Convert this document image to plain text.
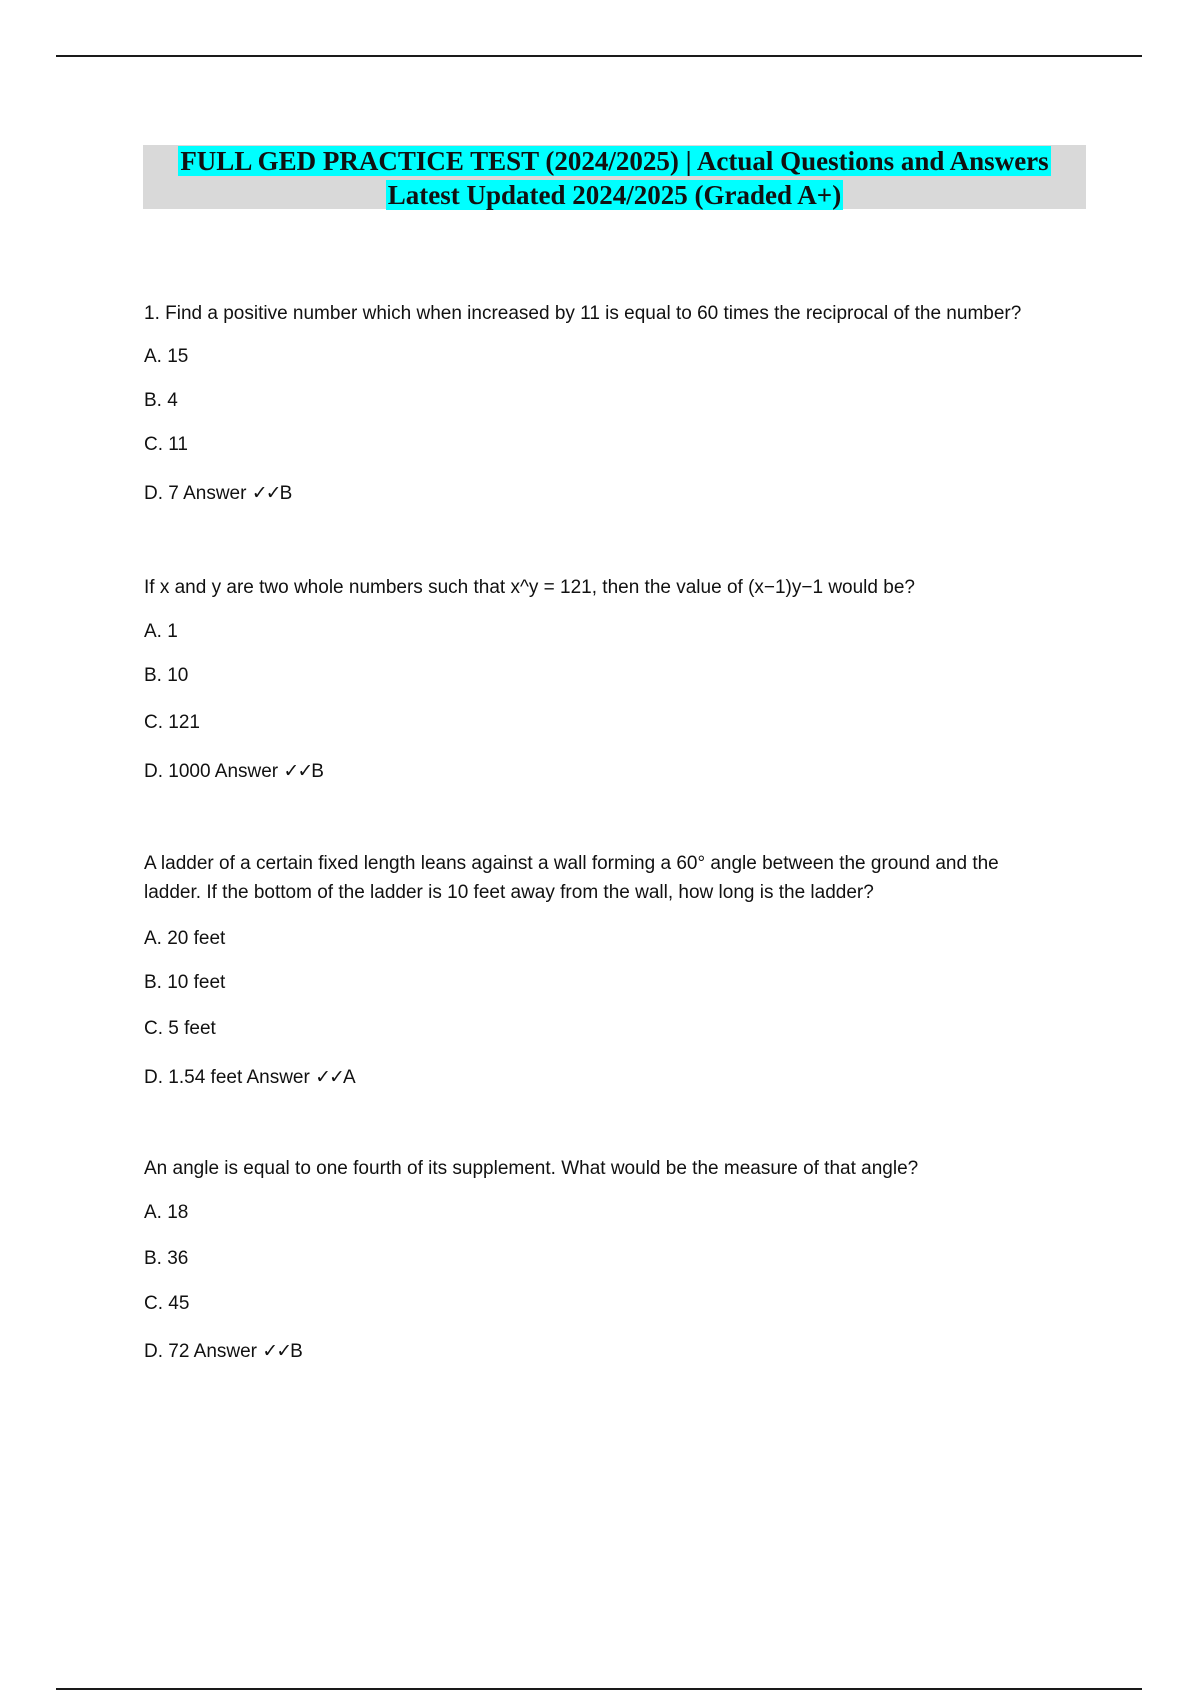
FULL GED PRACTICE TEST (2024/2025) | Actual Questions and Answers
Latest Updated 2024/2025 (Graded A+)
1. Find a positive number which when increased by 11 is equal to 60 times the reciprocal of the number?
A. 15
B. 4
C. 11
D. 7 Answer ✓✓B
If x and y are two whole numbers such that x^y = 121, then the value of (x−1)y−1 would be?
A. 1
B. 10
C. 121
D. 1000 Answer ✓✓B
A ladder of a certain fixed length leans against a wall forming a 60° angle between the ground and the
ladder. If the bottom of the ladder is 10 feet away from the wall, how long is the ladder?
A. 20 feet
B. 10 feet
C. 5 feet
D. 1.54 feet Answer ✓✓A
An angle is equal to one fourth of its supplement. What would be the measure of that angle?
A. 18
B. 36
C. 45
D. 72 Answer ✓✓B
